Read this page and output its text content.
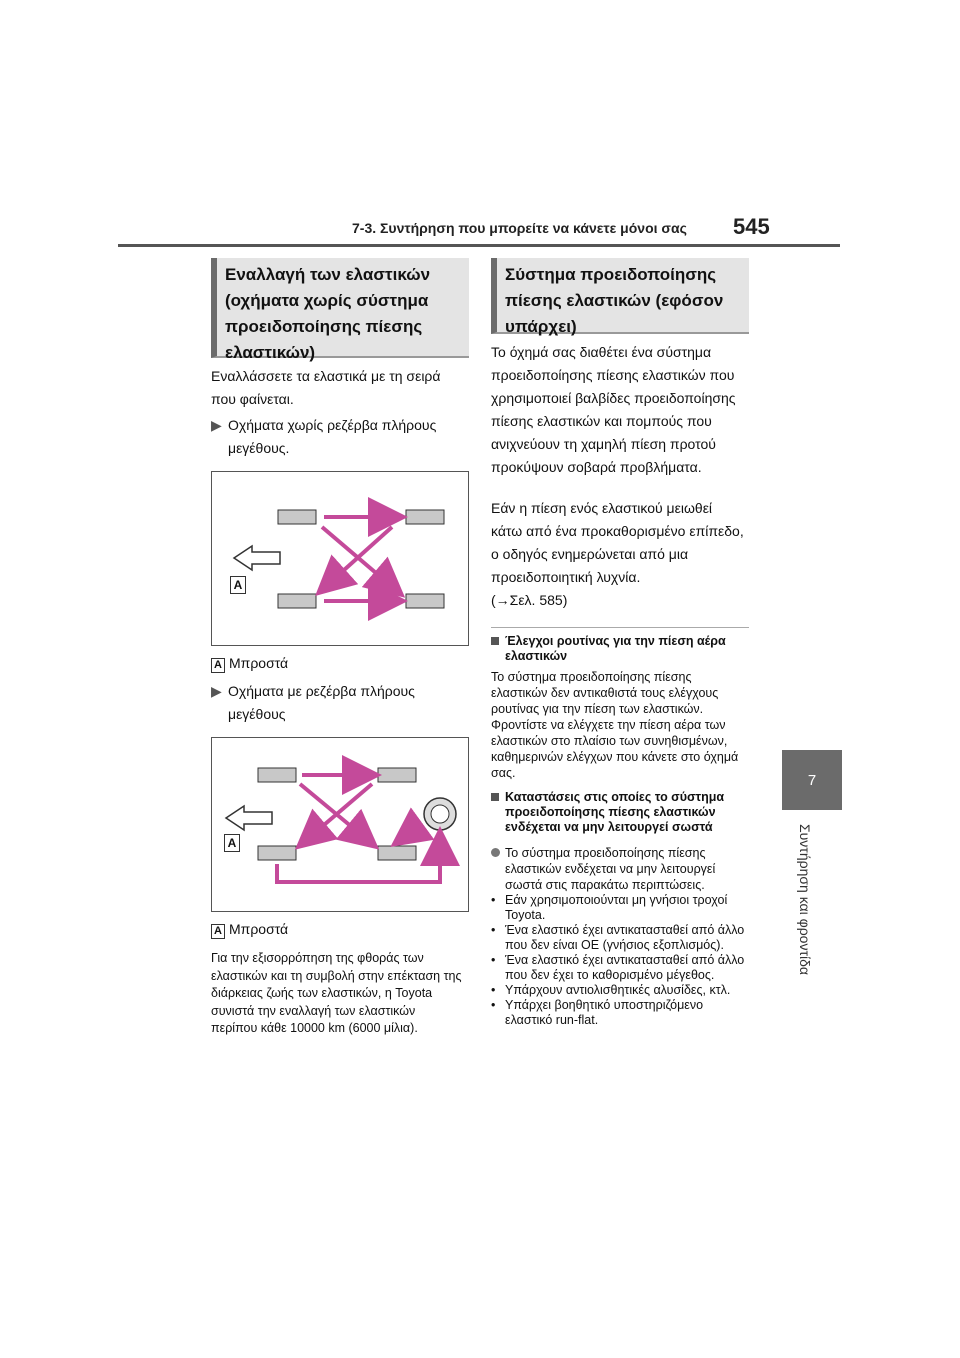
7-3. Συντήρηση που μπορείτε να κάνετε μόνοι σας 545
7
Συντήρηση και φροντίδα
Εναλλαγή των ελαστικών (οχήματα χωρίς σύστημα προειδοποίησης πίεσης ελαστικών)
Εναλλάσσετε τα ελαστικά με τη σειρά που φαίνεται.
▶ Οχήματα χωρίς ρεζέρβα πλήρους μεγέθους.
A
A Μπροστά
▶ Οχήματα με ρεζέρβα πλήρους μεγέθους
A
A Μπροστά
Για την εξισορρόπηση της φθοράς των ελαστικών και τη συμβολή στην επέκταση της διάρκειας ζωής των ελαστικών, η Toyota συνιστά την εναλλαγή των ελαστικών περίπου κάθε 10000 km (6000 μίλια).
Σύστημα προειδοποίησης πίεσης ελαστικών (εφόσον υπάρχει)
Το όχημά σας διαθέτει ένα σύστημα προειδοποίησης πίεσης ελαστικών που χρησιμοποιεί βαλβίδες προειδοποίησης πίεσης ελαστικών και πομπούς που ανιχνεύουν τη χαμηλή πίεση προτού προκύψουν σοβαρά προβλήματα.
Εάν η πίεση ενός ελαστικού μειωθεί κάτω από ένα προκαθορισμένο επίπεδο, ο οδηγός ενημερώνεται από μια προειδοποιητική λυχνία.
(→Σελ. 585)
Έλεγχοι ρουτίνας για την πίεση αέρα ελαστικών
Το σύστημα προειδοποίησης πίεσης ελαστικών δεν αντικαθιστά τους ελέγχους ρουτίνας για την πίεση των ελαστικών. Φροντίστε να ελέγχετε την πίεση αέρα των ελαστικών στο πλαίσιο των συνηθισμένων, καθημερινών ελέγχων που κάνετε στο όχημά σας.
Καταστάσεις στις οποίες το σύστημα προειδοποίησης πίεσης ελαστικών ενδέχεται να μην λειτουργεί σωστά
Το σύστημα προειδοποίησης πίεσης ελαστικών ενδέχεται να μην λειτουργεί σωστά στις παρακάτω περιπτώσεις.
• Εάν χρησιμοποιούνται μη γνήσιοι τροχοί Toyota.
• Ένα ελαστικό έχει αντικατασταθεί από άλλο που δεν είναι OE (γνήσιος εξοπλισμός).
• Ένα ελαστικό έχει αντικατασταθεί από άλλο που δεν έχει το καθορισμένο μέγεθος.
• Υπάρχουν αντιολισθητικές αλυσίδες, κτλ.
• Υπάρχει βοηθητικό υποστηριζόμενο ελαστικό run-flat.
